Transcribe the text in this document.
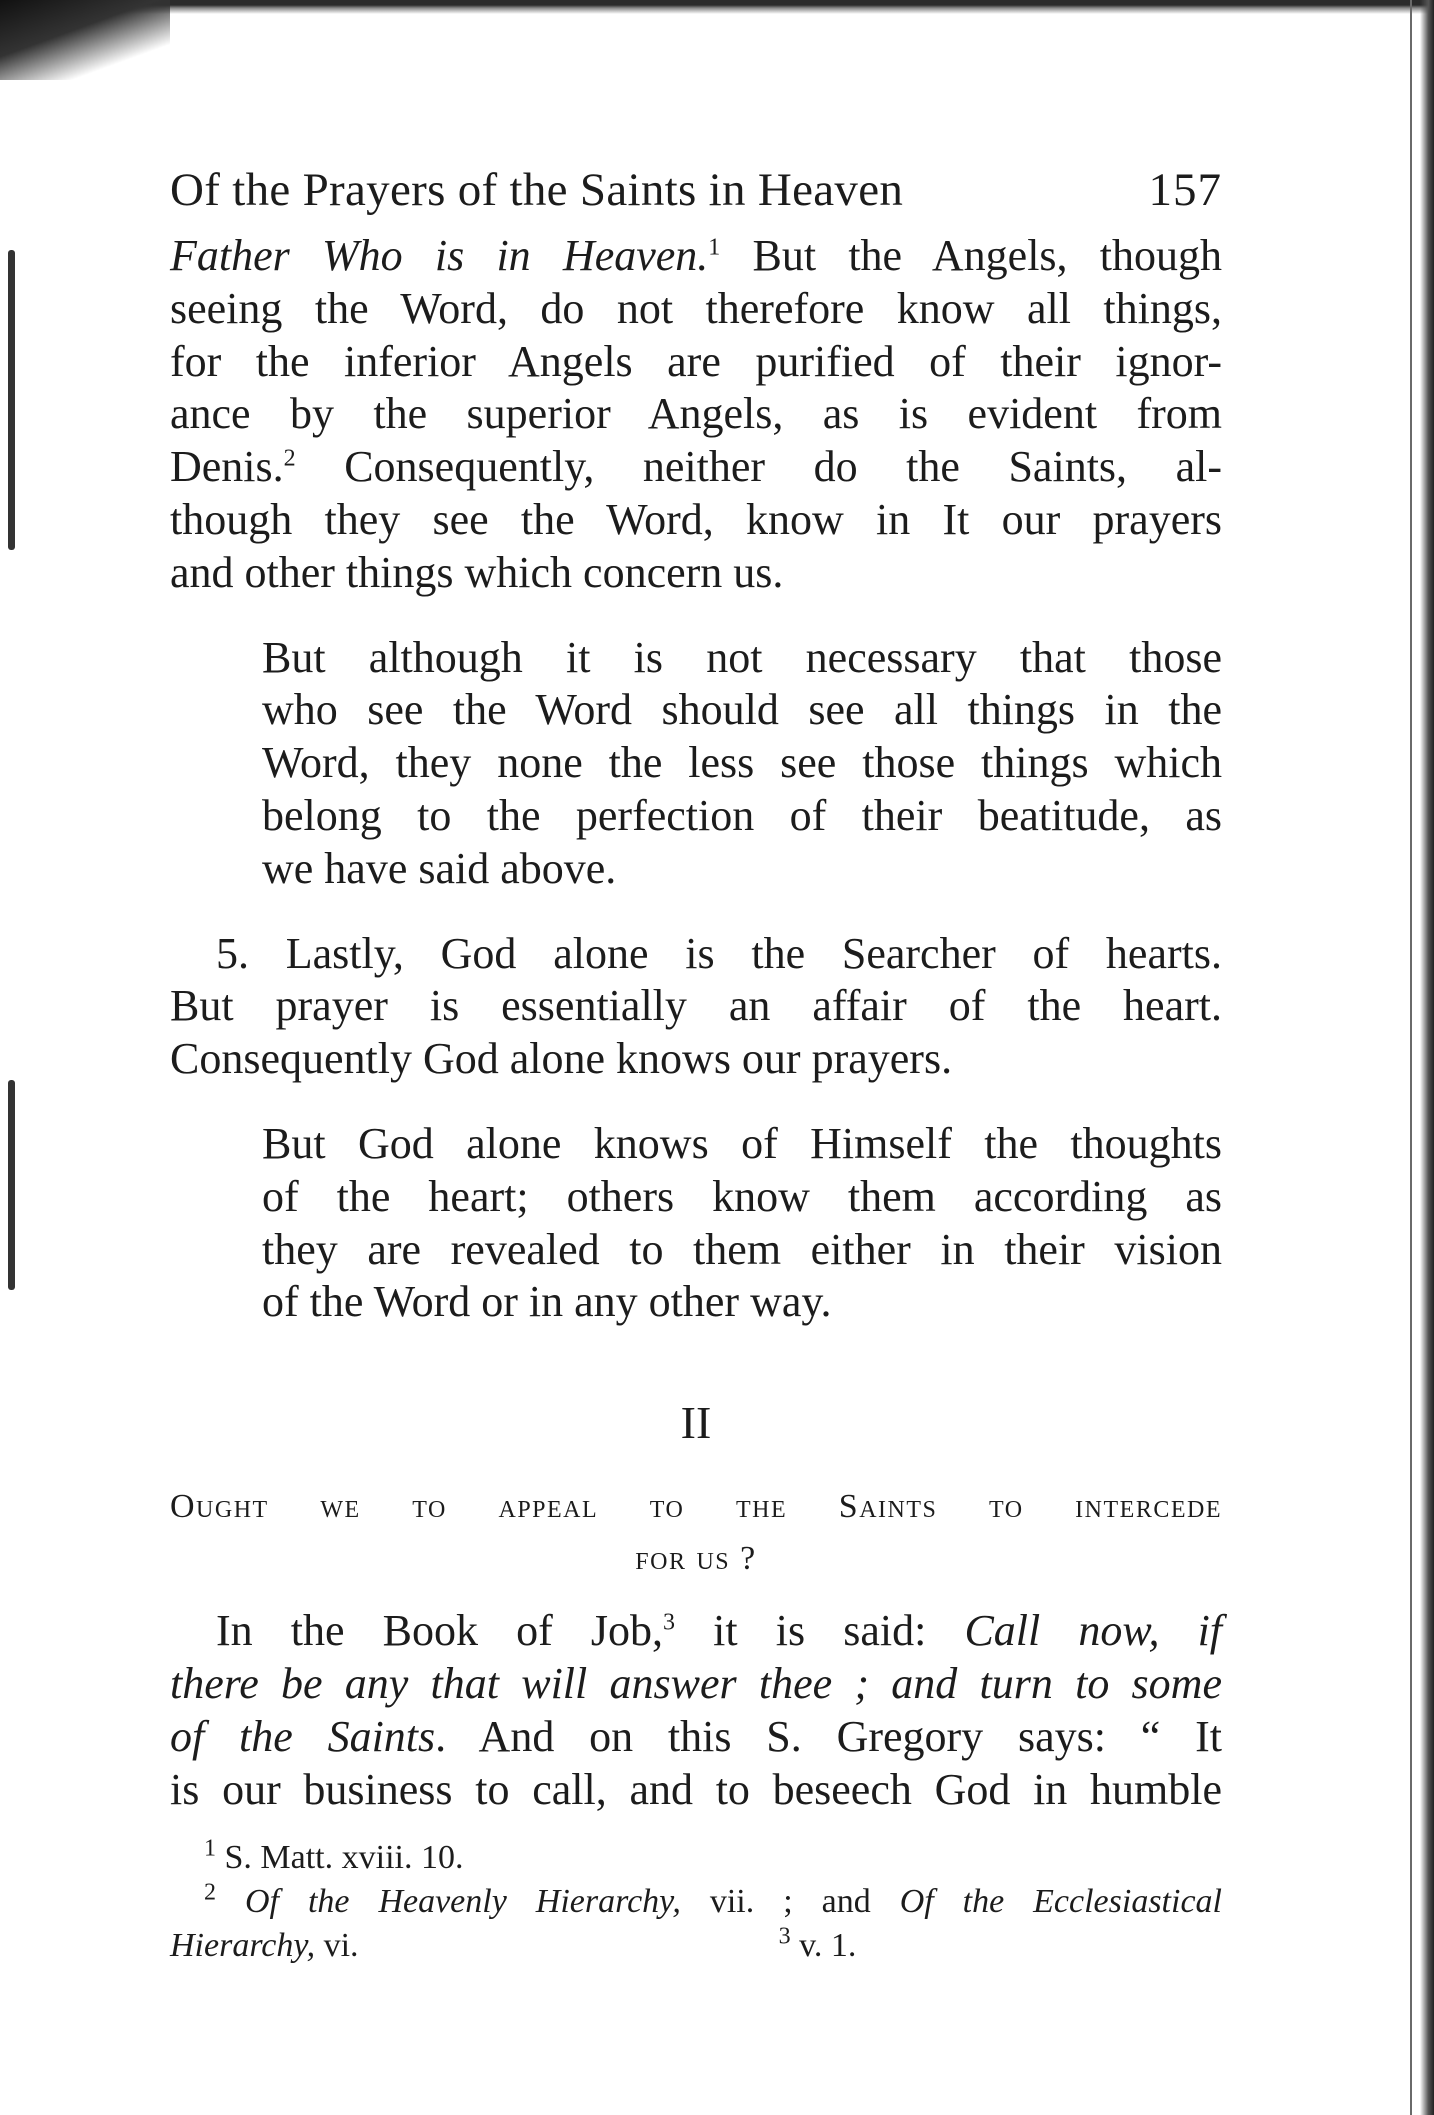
Of the Prayers of the Saints in Heaven	157

Father Who is in Heaven.$^1$ But the Angels, though
seeing the Word, do not therefore know all things,
for the inferior Angels are purified of their ignor-
ance by the superior Angels, as is evident from
Denis.$^2$ Consequently, neither do the Saints, al-
though they see the Word, know in It our prayers
and other things which concern us.

But although it is not necessary that those
who see the Word should see all things in the
Word, they none the less see those things which
belong to the perfection of their beatitude, as
we have said above.

5. Lastly, God alone is the Searcher of hearts.
But prayer is essentially an affair of the heart.
Consequently God alone knows our prayers.

But God alone knows of Himself the thoughts
of the heart; others know them according as
they are revealed to them either in their vision
of the Word or in any other way.

II
Ought we to appeal to the Saints to intercede
for us ?

In the Book of Job,$^3$ it is said: Call now, if
there be any that will answer thee ; and turn to some
of the Saints. And on this S. Gregory says: “ It
is our business to call, and to beseech God in humble

$^1$ S. Matt. xviii. 10.
$^2$ Of the Heavenly Hierarchy, vii. ; and Of the Ecclesiastical
Hierarchy, vi.	$^3$ v. 1.
